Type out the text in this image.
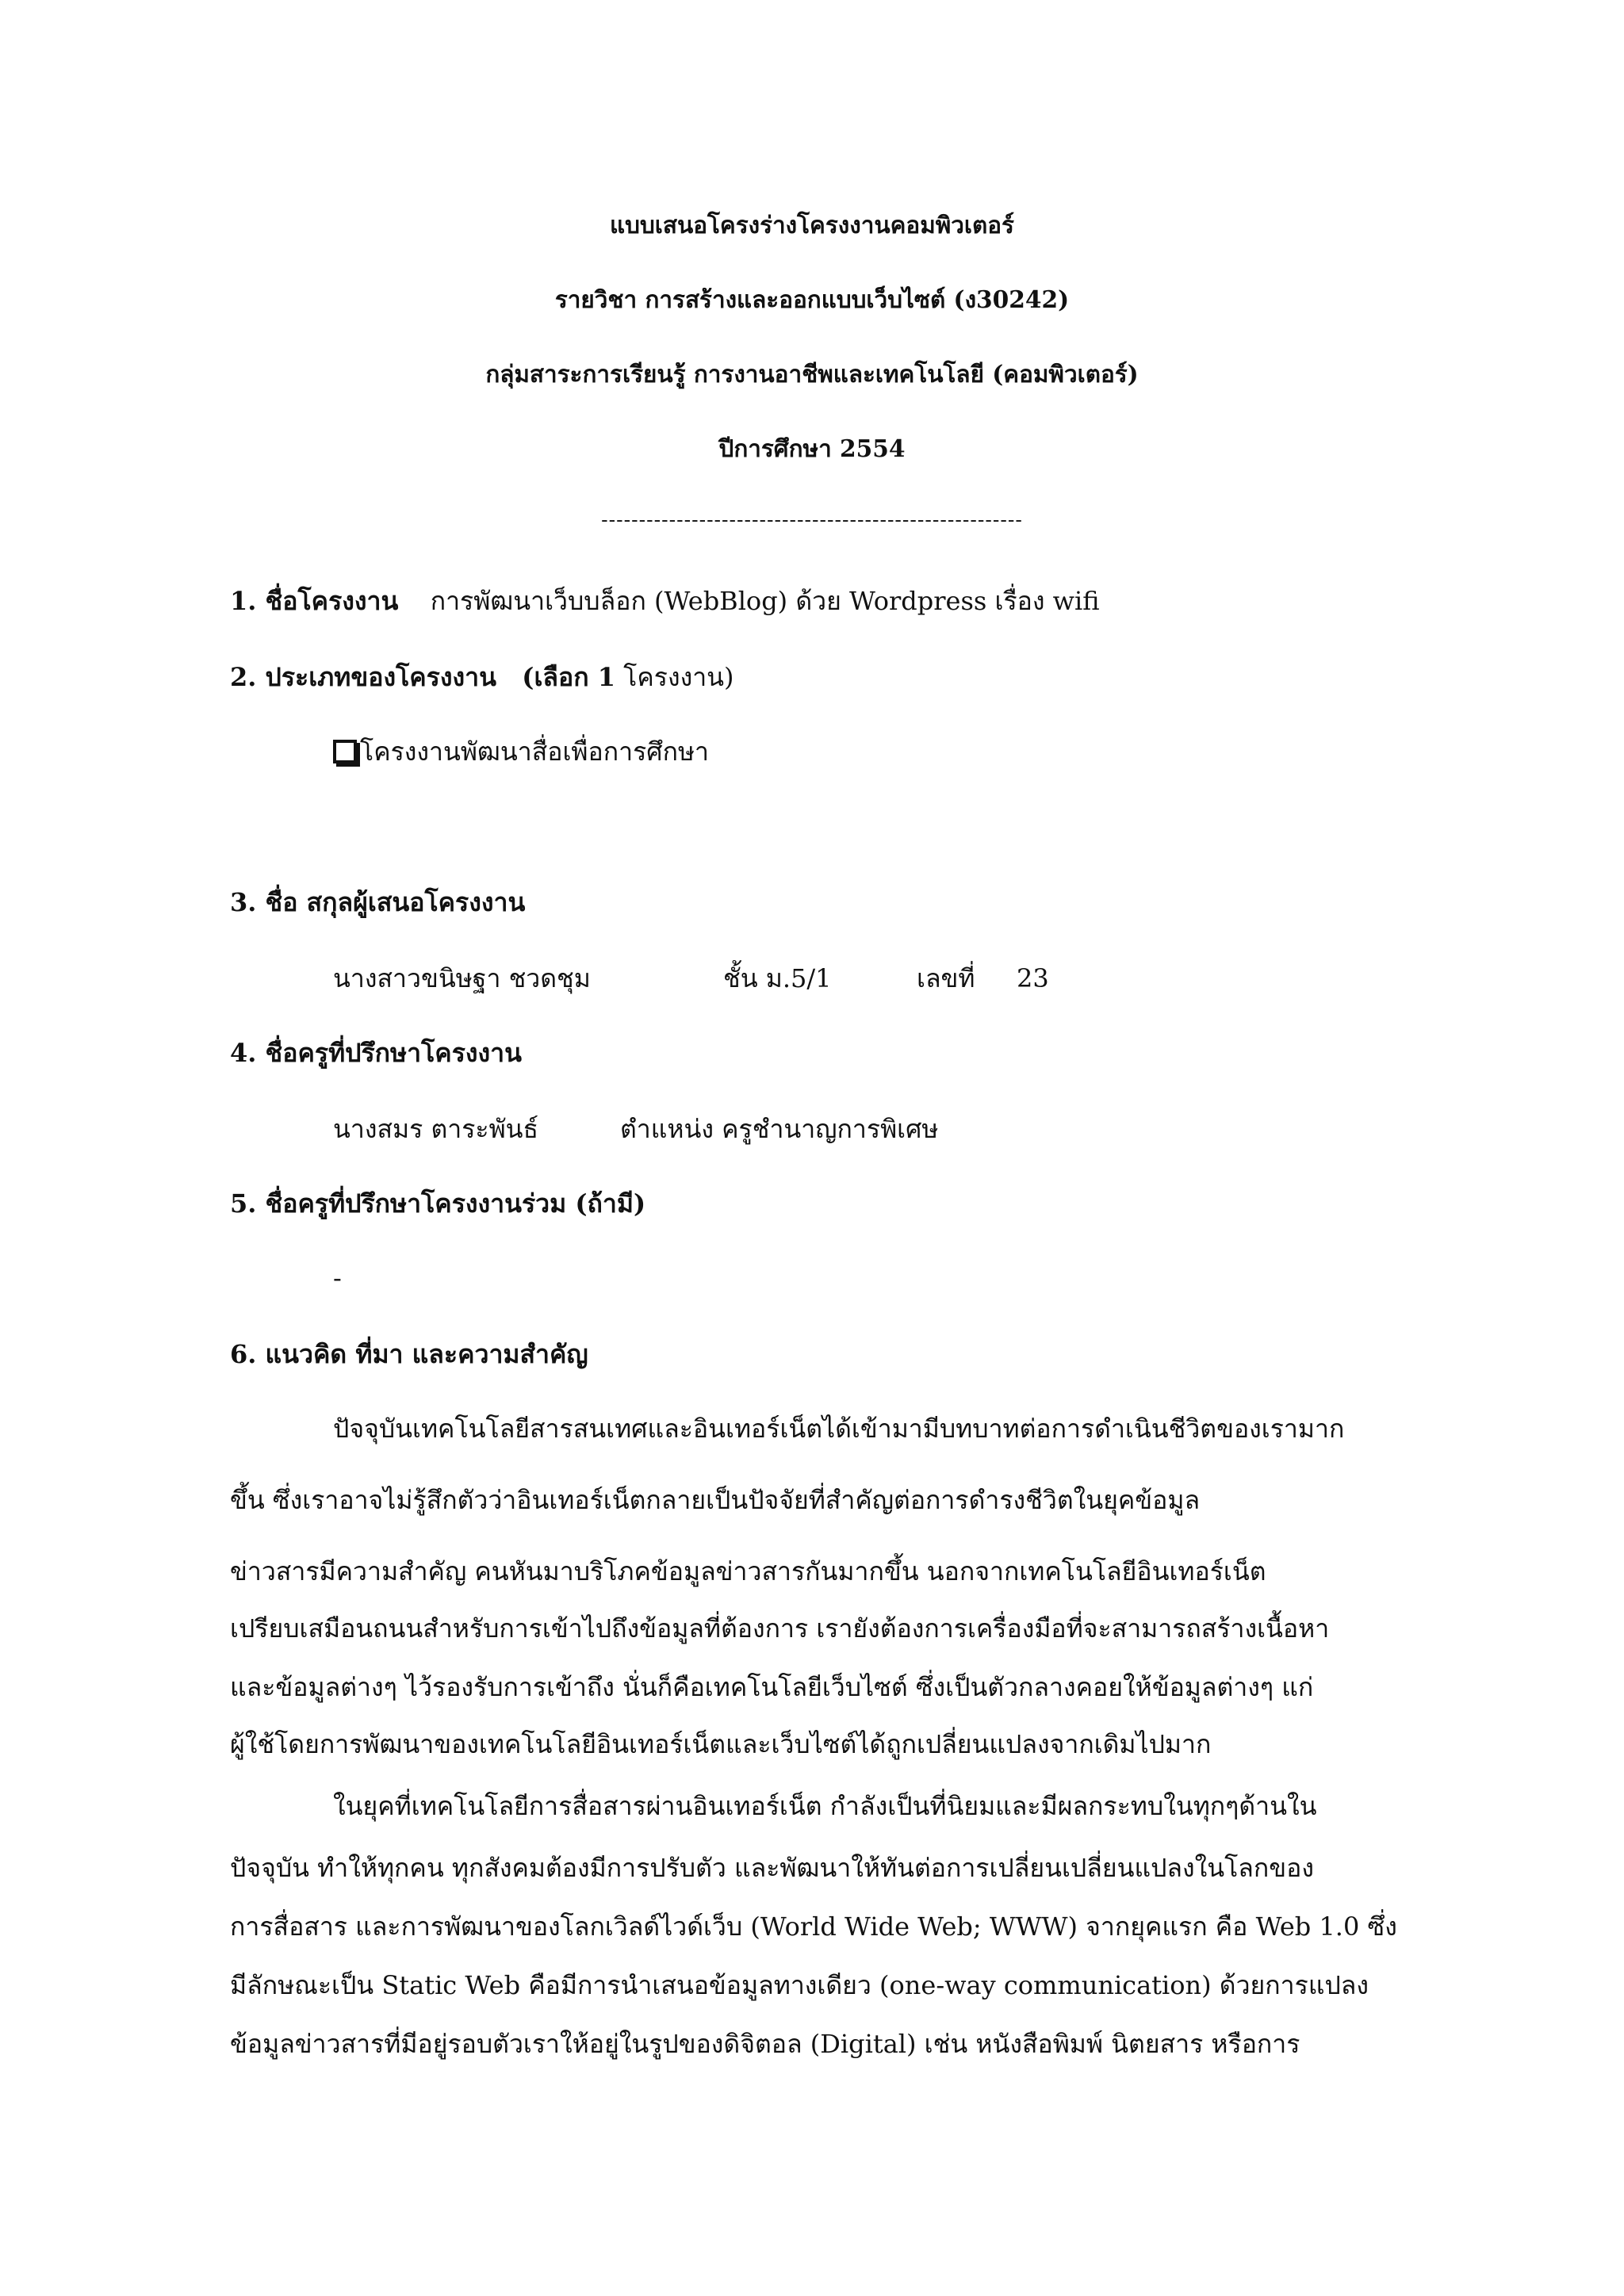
แบบเสนอโครงร่างโครงงานคอมพิวเตอร์
รายวิชา การสร้างและออกแบบเว็บไซต์ (ง30242)
กลุ่มสาระการเรียนรู้ การงานอาชีพและเทคโนโลยี (คอมพิวเตอร์)
ปีการศึกษา 2554
--------------------------------------------------------
1. ชื่อโครงงาน การพัฒนาเว็บบล็อก (WebBlog) ด้วย Wordpress เรื่อง wifi
2. ประเภทของโครงงาน (เลือก 1 โครงงาน)
โครงงานพัฒนาสื่อเพื่อการศึกษา
3. ชื่อ สกุลผู้เสนอโครงงาน
นางสาวขนิษฐา ชวดชุม	ชั้น ม.5/1	เลขที่ 23
4. ชื่อครูที่ปรึกษาโครงงาน
นางสมร ตาระพันธ์	ตำแหน่ง ครูชำนาญการพิเศษ
5. ชื่อครูที่ปรึกษาโครงงานร่วม (ถ้ามี)
-
6. แนวคิด ที่มา และความสำคัญ
ปัจจุบันเทคโนโลยีสารสนเทศและอินเทอร์เน็ตได้เข้ามามีบทบาทต่อการดำเนินชีวิตของเรามาก
ขึ้น ซึ่งเราอาจไม่รู้สึกตัวว่าอินเทอร์เน็ตกลายเป็นปัจจัยที่สำคัญต่อการดำรงชีวิตในยุคข้อมูล
ข่าวสารมีความสำคัญ คนหันมาบริโภคข้อมูลข่าวสารกันมากขึ้น นอกจากเทคโนโลยีอินเทอร์เน็ต
เปรียบเสมือนถนนสำหรับการเข้าไปถึงข้อมูลที่ต้องการ เรายังต้องการเครื่องมือที่จะสามารถสร้างเนื้อหา
และข้อมูลต่างๆ ไว้รองรับการเข้าถึง นั่นก็คือเทคโนโลยีเว็บไซต์ ซึ่งเป็นตัวกลางคอยให้ข้อมูลต่างๆ แก่
ผู้ใช้โดยการพัฒนาของเทคโนโลยีอินเทอร์เน็ตและเว็บไซต์ได้ถูกเปลี่ยนแปลงจากเดิมไปมาก
ในยุคที่เทคโนโลยีการสื่อสารผ่านอินเทอร์เน็ต กำลังเป็นที่นิยมและมีผลกระทบในทุกๆด้านใน
ปัจจุบัน ทำให้ทุกคน ทุกสังคมต้องมีการปรับตัว และพัฒนาให้ทันต่อการเปลี่ยนเปลี่ยนแปลงในโลกของ
การสื่อสาร และการพัฒนาของโลกเวิลด์ไวด์เว็บ (World Wide Web; WWW) จากยุคแรก คือ Web 1.0 ซึ่ง
มีลักษณะเป็น Static Web คือมีการนำเสนอข้อมูลทางเดียว (one-way communication) ด้วยการแปลง
ข้อมูลข่าวสารที่มีอยู่รอบตัวเราให้อยู่ในรูปของดิจิตอล (Digital) เช่น หนังสือพิมพ์ นิตยสาร หรือการ
